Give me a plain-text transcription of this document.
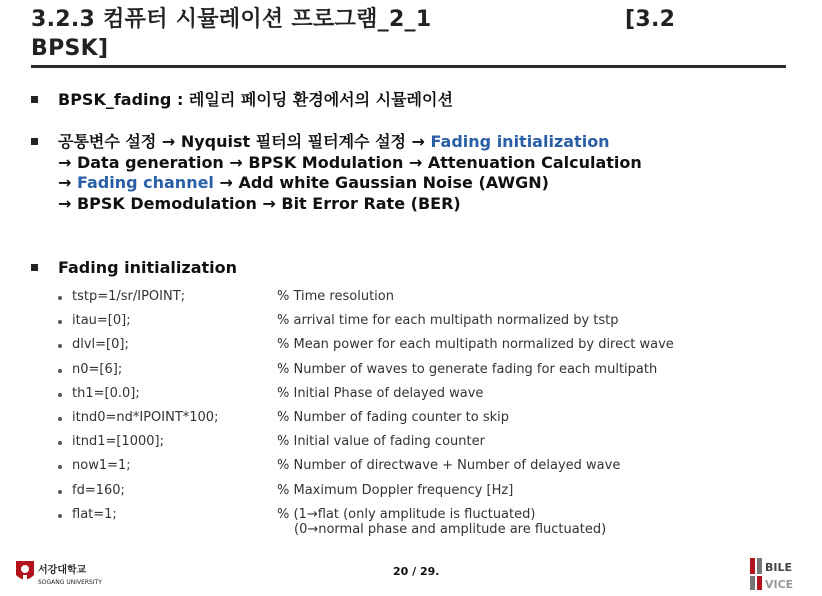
3.2.3 컴퓨터 시뮬레이션 프로그램_2_1	[3.2
BPSK]
BPSK_fading : 레일리 페이딩 환경에서의 시뮬레이션
공통변수 설정 → Nyquist 필터의 필터계수 설정 → Fading initialization
→ Data generation → BPSK Modulation → Attenuation Calculation
→ Fading channel → Add white Gaussian Noise (AWGN)
→ BPSK Demodulation → Bit Error Rate (BER)
Fading initialization
tstp=1/sr/IPOINT;	% Time resolution
itau=[0];	% arrival time for each multipath normalized by tstp
dlvl=[0];	% Mean power for each multipath normalized by direct wave
n0=[6];	% Number of waves to generate fading for each multipath
th1=[0.0];	% Initial Phase of delayed wave
itnd0=nd*IPOINT*100;	% Number of fading counter to skip
itnd1=[1000];	% Initial value of fading counter
now1=1;	% Number of directwave + Number of delayed wave
fd=160;	% Maximum Doppler frequency [Hz]
flat=1;	% (1→flat (only amplitude is fluctuated)
(0→normal phase and amplitude are fluctuated)
서강대학교
SOGANG UNIVERSITY
20 / 29.	BILE
VICE
